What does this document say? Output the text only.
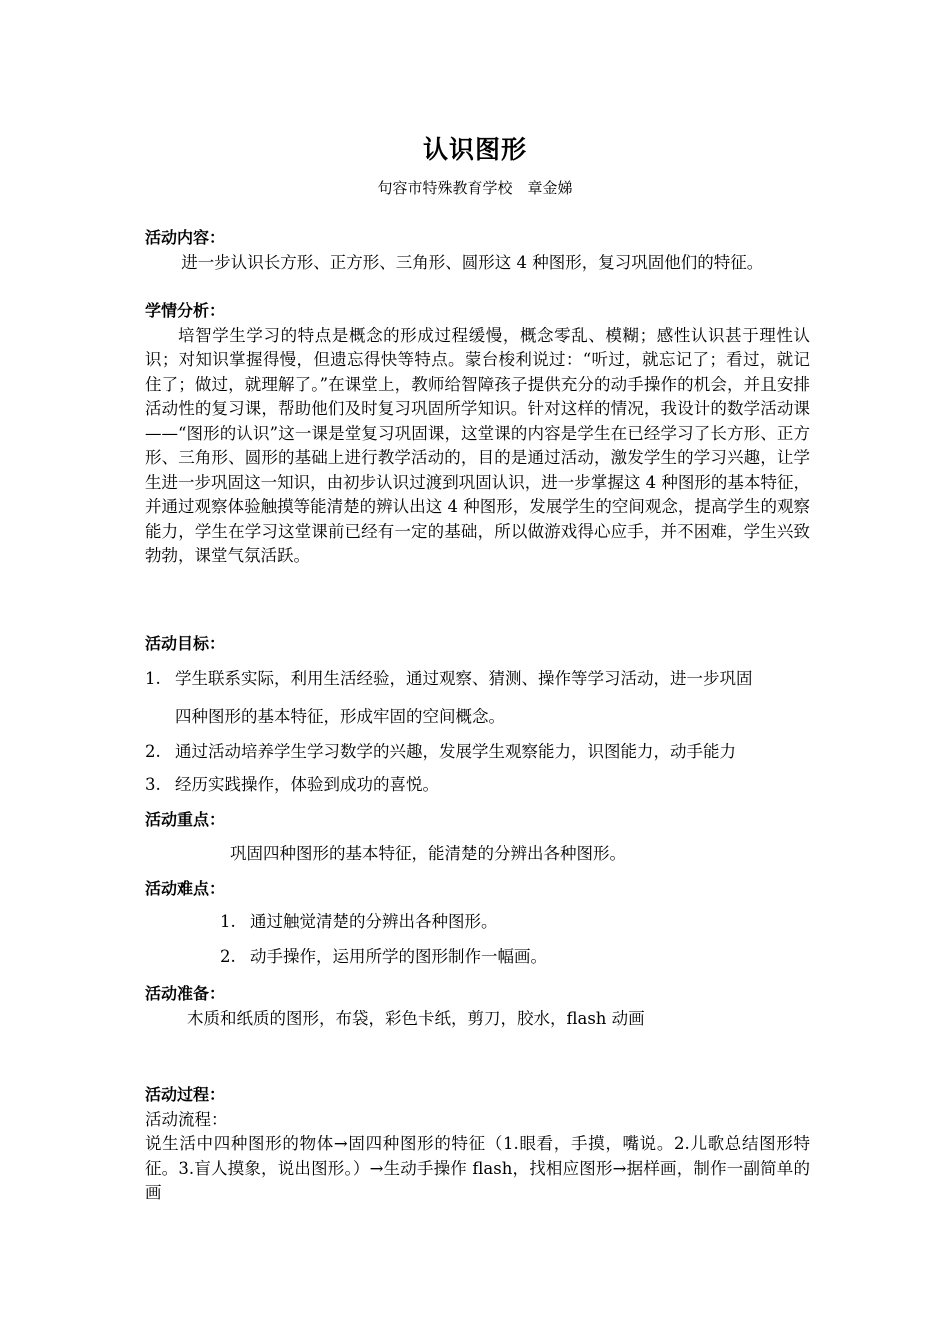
认识图形
句容市特殊教育学校　章金娣
活动内容：
进一步认识长方形、正方形、三角形、圆形这 4 种图形，复习巩固他们的特征。
学情分析：
培智学生学习的特点是概念的形成过程缓慢，概念零乱、模糊；感性认识甚于理性认识；对知识掌握得慢，但遗忘得快等特点。蒙台梭利说过：“听过，就忘记了；看过，就记住了；做过，就理解了。”在课堂上，教师给智障孩子提供充分的动手操作的机会，并且安排活动性的复习课，帮助他们及时复习巩固所学知识。针对这样的情况，我设计的数学活动课——“图形的认识”这一课是堂复习巩固课，这堂课的内容是学生在已经学习了长方形、正方形、三角形、圆形的基础上进行教学活动的，目的是通过活动，激发学生的学习兴趣，让学生进一步巩固这一知识，由初步认识过渡到巩固认识，进一步掌握这 4 种图形的基本特征，并通过观察体验触摸等能清楚的辨认出这 4 种图形，发展学生的空间观念，提高学生的观察能力，学生在学习这堂课前已经有一定的基础，所以做游戏得心应手，并不困难，学生兴致勃勃，课堂气氛活跃。
活动目标：
1. 学生联系实际，利用生活经验，通过观察、猜测、操作等学习活动，进一步巩固
四种图形的基本特征，形成牢固的空间概念。
2. 通过活动培养学生学习数学的兴趣，发展学生观察能力，识图能力，动手能力
3. 经历实践操作，体验到成功的喜悦。
活动重点：
巩固四种图形的基本特征，能清楚的分辨出各种图形。
活动难点：
1. 通过触觉清楚的分辨出各种图形。
2. 动手操作，运用所学的图形制作一幅画。
活动准备：
木质和纸质的图形，布袋，彩色卡纸，剪刀，胶水，flash 动画
活动过程：
活动流程：
说生活中四种图形的物体→固四种图形的特征（1.眼看，手摸，嘴说。2.儿歌总结图形特征。3.盲人摸象，说出图形。）→生动手操作 flash，找相应图形→据样画，制作一副简单的画
